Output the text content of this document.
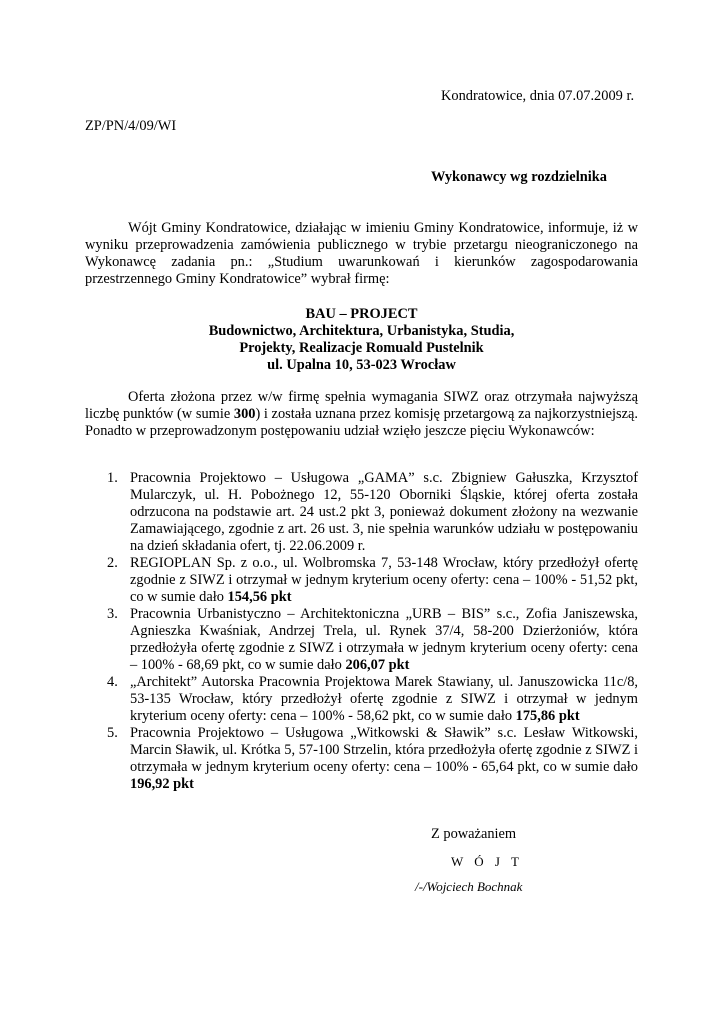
Kondratowice, dnia 07.07.2009 r.
ZP/PN/4/09/WI
Wykonawcy wg rozdzielnika
Wójt Gminy Kondratowice, działając w imieniu Gminy Kondratowice, informuje, iż w wyniku przeprowadzenia zamówienia publicznego w trybie przetargu nieograniczonego na Wykonawcę zadania pn.: „Studium uwarunkowań i kierunków zagospodarowania przestrzennego Gminy Kondratowice” wybrał firmę:
BAU – PROJECT
Budownictwo, Architektura, Urbanistyka, Studia,
Projekty, Realizacje Romuald Pustelnik
ul. Upalna 10, 53-023 Wrocław
Oferta złożona przez w/w firmę spełnia wymagania SIWZ oraz otrzymała najwyższą liczbę punktów (w sumie 300) i została uznana przez komisję przetargową za najkorzystniejszą. Ponadto w przeprowadzonym postępowaniu udział wzięło jeszcze pięciu Wykonawców:
1. Pracownia Projektowo – Usługowa „GAMA” s.c. Zbigniew Gałuszka, Krzysztof Mularczyk, ul. H. Pobożnego 12, 55-120 Oborniki Śląskie, której oferta została odrzucona na podstawie art. 24 ust.2 pkt 3, ponieważ dokument złożony na wezwanie Zamawiającego, zgodnie z art. 26 ust. 3, nie spełnia warunków udziału w postępowaniu na dzień składania ofert, tj. 22.06.2009 r.
2. REGIOPLAN Sp. z o.o., ul. Wolbromska 7, 53-148 Wrocław, który przedłożył ofertę zgodnie z SIWZ i otrzymał w jednym kryterium oceny oferty: cena – 100% - 51,52 pkt, co w sumie dało 154,56 pkt
3. Pracownia Urbanistyczno – Architektoniczna „URB – BIS” s.c., Zofia Janiszewska, Agnieszka Kwaśniak, Andrzej Trela, ul. Rynek 37/4, 58-200 Dzierżoniów, która przedłożyła ofertę zgodnie z SIWZ i otrzymała w jednym kryterium oceny oferty: cena – 100% - 68,69 pkt, co w sumie dało 206,07 pkt
4. „Architekt” Autorska Pracownia Projektowa Marek Stawiany, ul. Januszowicka 11c/8, 53-135 Wrocław, który przedłożył ofertę zgodnie z SIWZ i otrzymał w jednym kryterium oceny oferty: cena – 100% - 58,62 pkt, co w sumie dało 175,86 pkt
5. Pracownia Projektowo – Usługowa „Witkowski & Sławik” s.c. Lesław Witkowski, Marcin Sławik, ul. Krótka 5, 57-100 Strzelin, która przedłożyła ofertę zgodnie z SIWZ i otrzymała w jednym kryterium oceny oferty: cena – 100% - 65,64 pkt, co w sumie dało 196,92 pkt
Z poważaniem
W Ó J T
/-/Wojciech Bochnak
